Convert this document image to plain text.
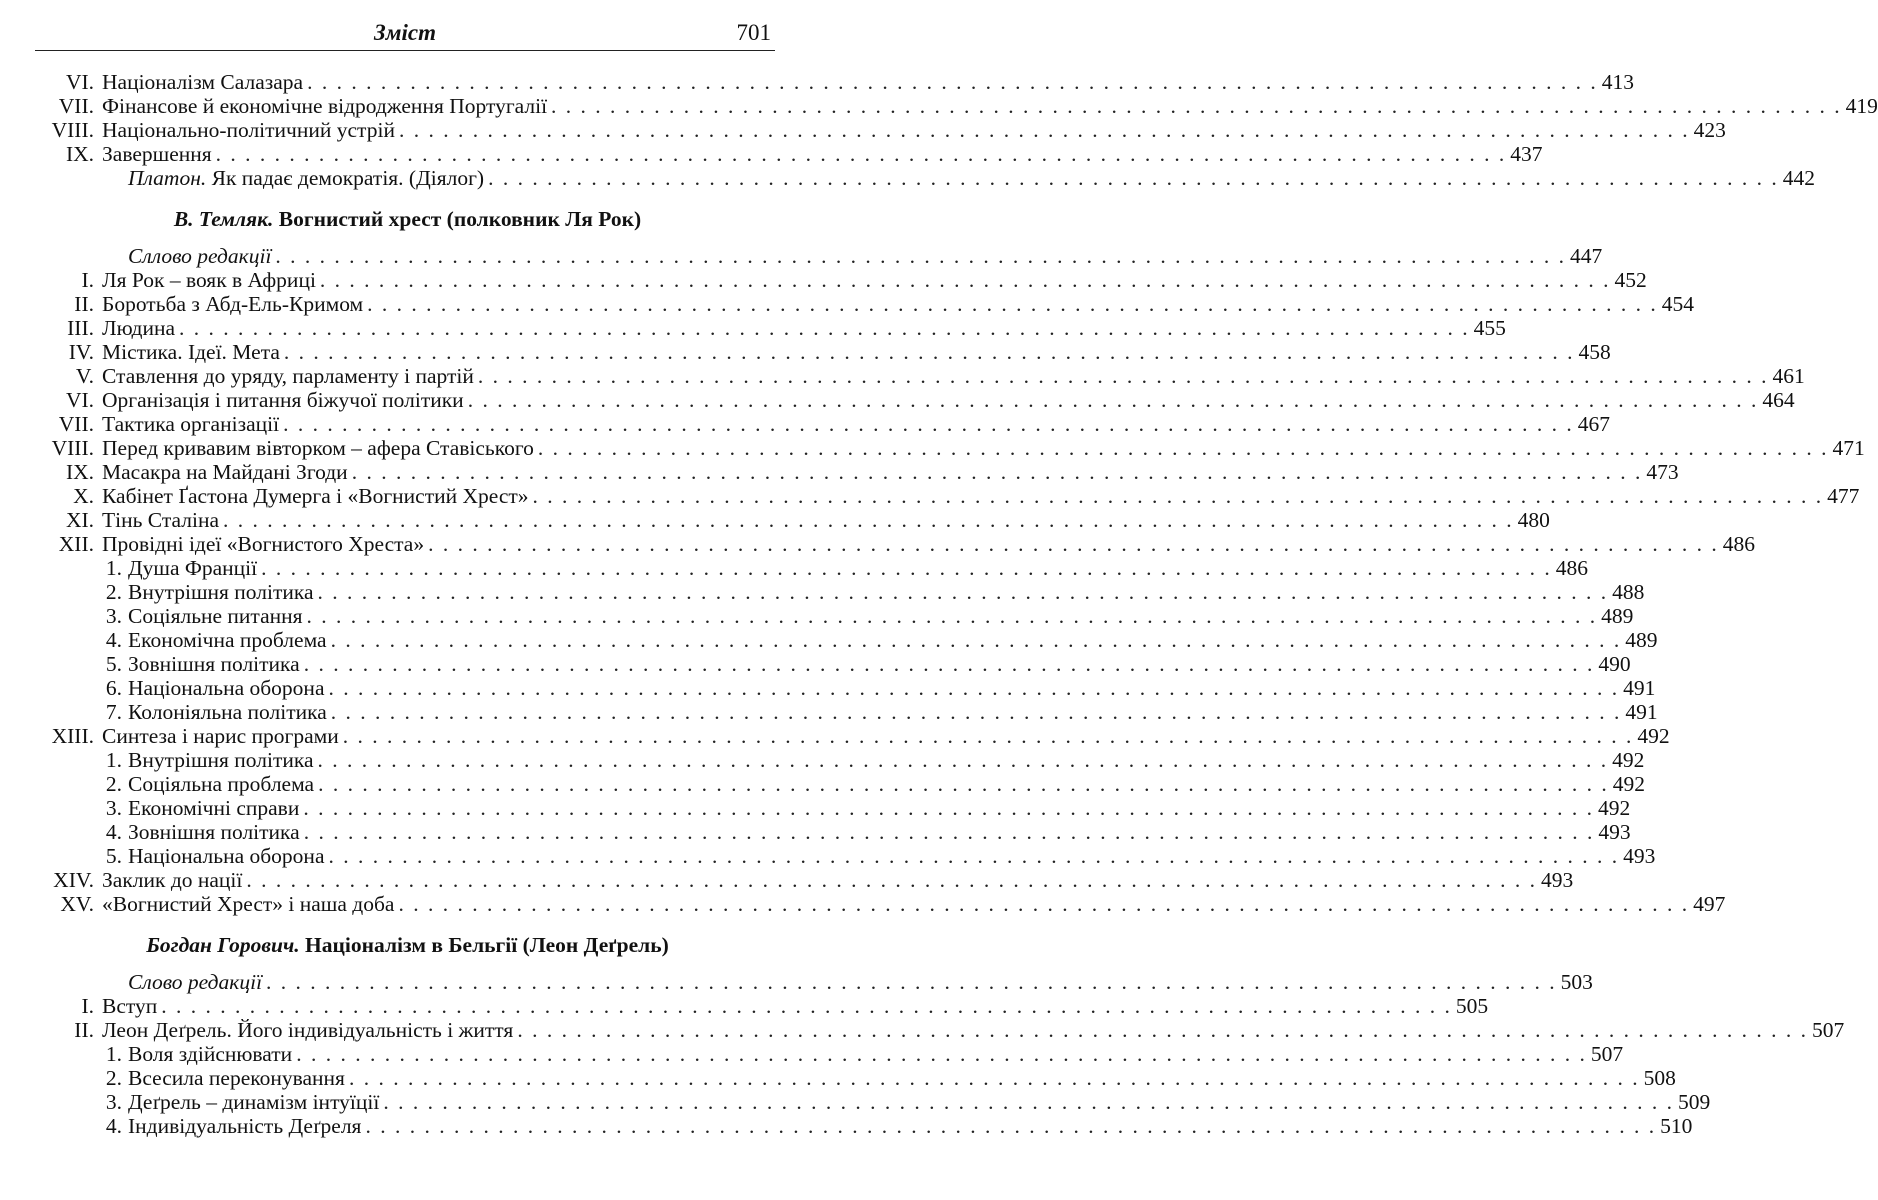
Зміст	701
VI. Націоналізм Салазара . . .	413
VII. Фінансове й економічне відродження Португалії . . .	419
VIII. Національно-політичний устрій . . .	423
IX. Завершення . . .	437
Платон. Як падає демократія. (Діялог) . . .	442
В. Темляк. Вогнистий хрест (полковник Ля Рок)
Сллово редакції . . .	447
I. Ля Рок – вояк в Африці . . .	452
II. Боротьба з Абд-Ель-Кримом . . .	454
III. Людина . . .	455
IV. Містика. Ідеї. Мета . . .	458
V. Ставлення до уряду, парламенту і партій . . .	461
VI. Організація і питання біжучої політики . . .	464
VII. Тактика організації . . .	467
VIII. Перед кривавим вівторком – афера Ставіського . . .	471
IX. Масакра на Майдані Згоди . . .	473
X. Кабінет Ґастона Думерга і «Вогнистий Хрест» . . .	477
XI. Тінь Сталіна . . .	480
XII. Провідні ідеї «Вогнистого Хреста» . . .	486
1. Душа Франції . . .	486
2. Внутрішня політика . . .	488
3. Соціяльне питання . . .	489
4. Економічна проблема . . .	489
5. Зовнішня політика . . .	490
6. Національна оборона . . .	491
7. Колоніяльна політика . . .	491
XIII. Синтеза і нарис програми . . .	492
1. Внутрішня політика . . .	492
2. Соціяльна проблема . . .	492
3. Економічні справи . . .	492
4. Зовнішня політика . . .	493
5. Національна оборона . . .	493
XIV. Заклик до нації . . .	493
XV. «Вогнистий Хрест» і наша доба . . .	497
Богдан Горович. Націоналізм в Бельгії (Леон Деґрель)
Слово редакції . . .	503
I. Вступ . . .	505
II. Леон Деґрель. Його індивідуальність і життя . . .	507
1. Воля здійснювати . . .	507
2. Всесила переконування . . .	508
3. Деґрель – динамізм інтуїції . . .	509
4. Індивідуальність Деґреля . . .	510
